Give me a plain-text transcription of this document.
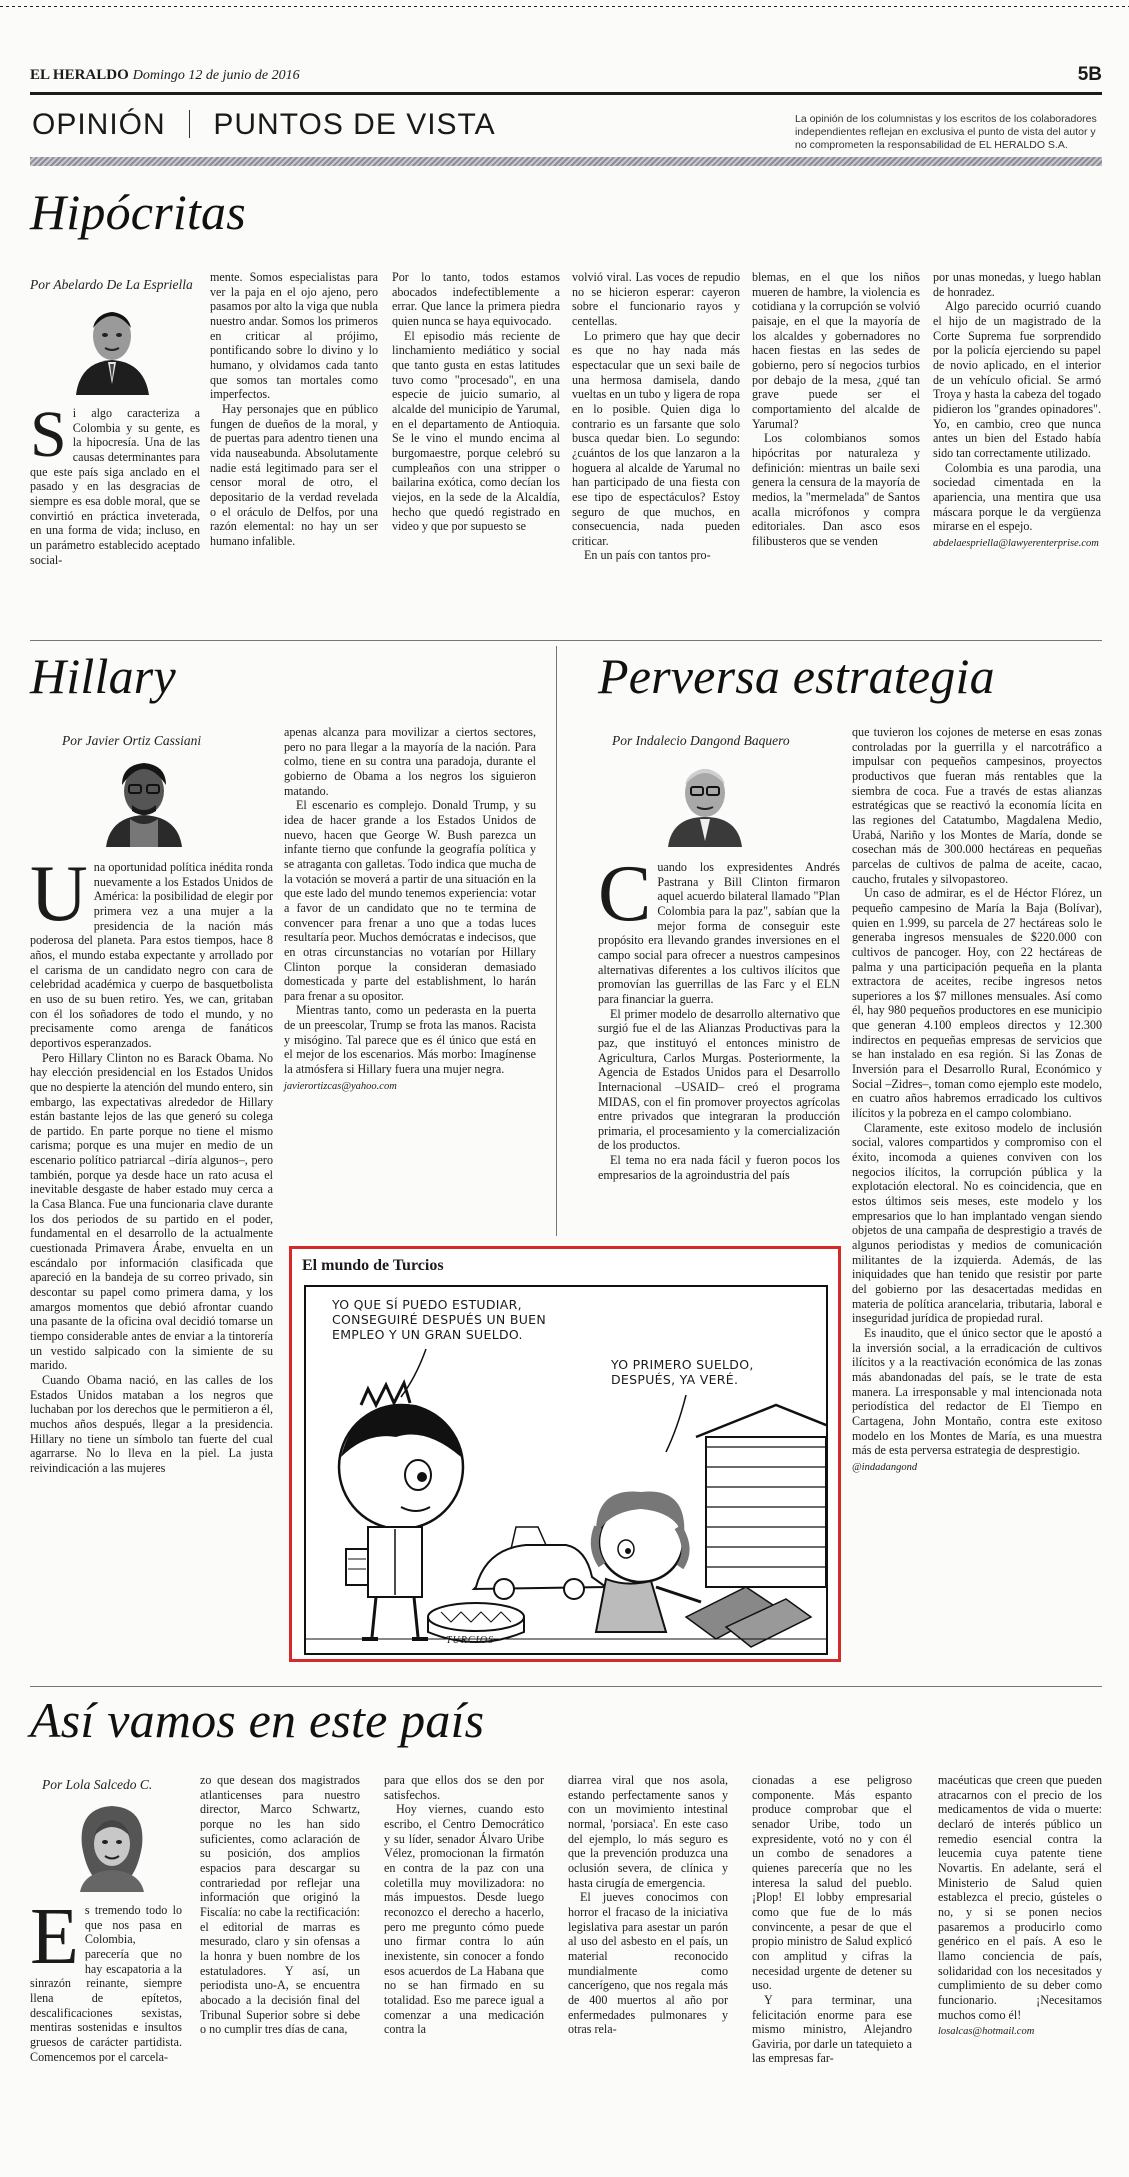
EL HERALDO Domingo 12 de junio de 2016	5B
OPINIÓN PUNTOS DE VISTA	La opinión de los columnistas y los escritos de los colaboradores independientes reflejan en exclusiva el punto de vista del autor y no comprometen la responsabilidad de EL HERALDO S.A.
Hipócritas
Por Abelardo De La Espriella
Si algo caracteriza a Colombia y su gente, es la hipocresía. Una de las causas determinantes para que este país siga anclado en el pasado y en las desgracias de siempre es esa doble moral, que se convirtió en práctica inveterada, en una forma de vida; incluso, en un parámetro establecido aceptado social-

mente. Somos especialistas para ver la paja en el ojo ajeno, pero pasamos por alto la viga que nubla nuestro andar. Somos los primeros en criticar al prójimo, pontificando sobre lo divino y lo humano, y olvidamos cada tanto que somos tan mortales como imperfectos.

Hay personajes que en público fungen de dueños de la moral, y de puertas para adentro tienen una vida nauseabunda. Absolutamente nadie está legitimado para ser el censor moral de otro, el depositario de la verdad revelada o el oráculo de Delfos, por una razón elemental: no hay un ser humano infalible.

Por lo tanto, todos estamos abocados indefectiblemente a errar. Que lance la primera piedra quien nunca se haya equivocado.

El episodio más reciente de linchamiento mediático y social que tanto gusta en estas latitudes tuvo como "procesado", en una especie de juicio sumario, al alcalde del municipio de Yarumal, en el departamento de Antioquia. Se le vino el mundo encima al burgomaestre, porque celebró su cumpleaños con una stripper o bailarina exótica, como decían los viejos, en la sede de la Alcaldía, hecho que quedó registrado en video y que por supuesto se

volvió viral. Las voces de repudio no se hicieron esperar: cayeron sobre el funcionario rayos y centellas.

Lo primero que hay que decir es que no hay nada más espectacular que un sexi baile de una hermosa damisela, dando vueltas en un tubo y ligera de ropa en lo posible. Quien diga lo contrario es un farsante que solo busca quedar bien. Lo segundo: ¿cuántos de los que lanzaron a la hoguera al alcalde de Yarumal no han participado de una fiesta con ese tipo de espectáculos? Estoy seguro de que muchos, en consecuencia, nada pueden criticar.

En un país con tantos pro-

blemas, en el que los niños mueren de hambre, la violencia es cotidiana y la corrupción se volvió paisaje, en el que la mayoría de los alcaldes y gobernadores no hacen fiestas en las sedes de gobierno, pero sí negocios turbios por debajo de la mesa, ¿qué tan grave puede ser el comportamiento del alcalde de Yarumal?

Los colombianos somos hipócritas por naturaleza y definición: mientras un baile sexi genera la censura de la mayoría de medios, la "mermelada" de Santos acalla micrófonos y compra editoriales. Dan asco esos filibusteros que se venden

por unas monedas, y luego hablan de honradez.

Algo parecido ocurrió cuando el hijo de un magistrado de la Corte Suprema fue sorprendido por la policía ejerciendo su papel de novio aplicado, en el interior de un vehículo oficial. Se armó Troya y hasta la cabeza del togado pidieron los "grandes opinadores". Yo, en cambio, creo que nunca antes un bien del Estado había sido tan correctamente utilizado.

Colombia es una parodia, una sociedad cimentada en la apariencia, una mentira que usa máscara porque le da vergüenza mirarse en el espejo.

abdelaespriella@lawyerenterprise.com
Hillary
Por Javier Ortiz Cassiani
U na oportunidad política inédita ronda nuevamente a los Estados Unidos de América: la posibilidad de elegir por primera vez a una mujer a la presidencia de la nación más poderosa del planeta. Para estos tiempos, hace 8 años, el mundo estaba expectante y arrollado por el carisma de un candidato negro con cara de celebridad académica y cuerpo de basquetbolista en uso de su buen retiro. Yes, we can, gritaban con él los soñadores de todo el mundo, y no precisamente como arenga de fanáticos deportivos esperanzados.

Pero Hillary Clinton no es Barack Obama. No hay elección presidencial en los Estados Unidos que no despierte la atención del mundo entero, sin embargo, las expectativas alrededor de Hillary están bastante lejos de las que generó su colega de partido. En parte porque no tiene el mismo carisma; porque es una mujer en medio de un escenario político patriarcal –diría algunos–, pero también, porque ya desde hace un rato acusa el inevitable desgaste de haber estado muy cerca a la Casa Blanca. Fue una funcionaria clave durante los dos periodos de su partido en el poder, fundamental en el desarrollo de la actualmente cuestionada Primavera Árabe, envuelta en un escándalo por información clasificada que apareció en la bandeja de su correo privado, sin descontar su papel como primera dama, y los amargos momentos que debió afrontar cuando una pasante de la oficina oval decidió tomarse un tiempo considerable antes de enviar a la tintorería un vestido salpicado con la simiente de su marido.

Cuando Obama nació, en las calles de los Estados Unidos mataban a los negros que luchaban por los derechos que le permitieron a él, muchos años después, llegar a la presidencia. Hillary no tiene un símbolo tan fuerte del cual agarrarse. No lo lleva en la piel. La justa reivindicación a las mujeres

apenas alcanza para movilizar a ciertos sectores, pero no para llegar a la mayoría de la nación. Para colmo, tiene en su contra una paradoja, durante el gobierno de Obama a los negros los siguieron matando.

El escenario es complejo. Donald Trump, y su idea de hacer grande a los Estados Unidos de nuevo, hacen que George W. Bush parezca un infante tierno que confunde la geografía política y se atraganta con galletas. Todo indica que mucha de la votación se moverá a partir de una situación en la que este lado del mundo tenemos experiencia: votar a favor de un candidato que no te termina de convencer para frenar a uno que a todas luces resultaría peor. Muchos demócratas e indecisos, que en otras circunstancias no votarían por Hillary Clinton porque la consideran demasiado domesticada y parte del establishment, lo harán para frenar a su opositor.

Mientras tanto, como un pederasta en la puerta de un preescolar, Trump se frota las manos. Racista y misógino. Tal parece que es él único que está en el mejor de los escenarios. Más morbo: Imagínense la atmósfera si Hillary fuera una mujer negra.

javierortizcas@yahoo.com
Perversa estrategia
Por Indalecio Dangond Baquero
C uando los expresidentes Andrés Pastrana y Bill Clinton firmaron aquel acuerdo bilateral llamado "Plan Colombia para la paz", sabían que la mejor forma de conseguir este propósito era llevando grandes inversiones en el campo social para ofrecer a nuestros campesinos alternativas diferentes a los cultivos ilícitos que promovían las guerrillas de las Farc y el ELN para financiar la guerra.

El primer modelo de desarrollo alternativo que surgió fue el de las Alianzas Productivas para la paz, que instituyó el entonces ministro de Agricultura, Carlos Murgas. Posteriormente, la Agencia de Estados Unidos para el Desarrollo Internacional –USAID– creó el programa MIDAS, con el fin promover proyectos agrícolas entre privados que integraran la producción primaria, el procesamiento y la comercialización de los productos.

El tema no era nada fácil y fueron pocos los empresarios de la agroindustria del país

que tuvieron los cojones de meterse en esas zonas controladas por la guerrilla y el narcotráfico a impulsar con pequeños campesinos, proyectos productivos que fueran más rentables que la siembra de coca. Fue a través de estas alianzas estratégicas que se reactivó la economía lícita en las regiones del Catatumbo, Magdalena Medio, Urabá, Nariño y los Montes de María, donde se cosechan más de 300.000 hectáreas en pequeñas parcelas de cultivos de palma de aceite, cacao, caucho, frutales y silvopastoreo.

Un caso de admirar, es el de Héctor Flórez, un pequeño campesino de María la Baja (Bolívar), quien en 1.999, su parcela de 27 hectáreas solo le generaba ingresos mensuales de $220.000 con cultivos de pancoger. Hoy, con 22 hectáreas de palma y una participación pequeña en la planta extractora de aceites, recibe ingresos netos superiores a los $7 millones mensuales. Así como él, hay 980 pequeños productores en ese municipio que generan 4.100 empleos directos y 12.300 indirectos en pequeñas empresas de servicios que se han instalado en esa región. Si las Zonas de Inversión para el Desarrollo Rural, Económico y Social –Zidres–, toman como ejemplo este modelo, en cuatro años habremos erradicado los cultivos ilícitos y la pobreza en el campo colombiano.

Claramente, este exitoso modelo de inclusión social, valores compartidos y compromiso con el éxito, incomoda a quienes conviven con los negocios ilícitos, la corrupción pública y la explotación electoral. No es coincidencia, que en estos últimos seis meses, este modelo y los empresarios que lo han implantado vengan siendo objetos de una campaña de desprestigio a través de algunos periodistas y medios de comunicación militantes de la izquierda. Además, de las iniquidades que han tenido que resistir por parte del gobierno por las desacertadas medidas en materia de política arancelaria, tributaria, laboral e inseguridad jurídica de propiedad rural.

Es inaudito, que el único sector que le apostó a la inversión social, a la erradicación de cultivos ilícitos y a la reactivación económica de las zonas más abandonadas del país, se le trate de esta manera. La irresponsable y mal intencionada nota periodística del redactor de El Tiempo en Cartagena, John Montaño, contra este exitoso modelo en los Montes de María, es una muestra más de esta perversa estrategia de desprestigio.

@indadangond
El mundo de Turcios
YO QUE SÍ PUEDO ESTUDIAR, CONSEGUIRÉ DESPUÉS UN BUEN EMPLEO Y UN GRAN SUELDO.
YO PRIMERO SUELDO, DESPUÉS, YA VERÉ.
TURCIOS
Así vamos en este país
Por Lola Salcedo C.
Es tremendo todo lo que nos pasa en Colombia, parecería que no hay escapatoria a la sinrazón reinante, siempre llena de epítetos, descalificaciones sexistas, mentiras sostenidas e insultos gruesos de carácter partidista. Comencemos por el carcela-

zo que desean dos magistrados atlanticenses para nuestro director, Marco Schwartz, porque no les han sido suficientes, como aclaración de su posición, dos amplios espacios para descargar su contrariedad por reflejar una información que originó la Fiscalía: no cabe la rectificación: el editorial de marras es mesurado, claro y sin ofensas a la honra y buen nombre de los estatuladores. Y así, un periodista uno-A, se encuentra abocado a la decisión final del Tribunal Superior sobre si debe o no cumplir tres días de cana,

para que ellos dos se den por satisfechos.

Hoy viernes, cuando esto escribo, el Centro Democrático y su líder, senador Álvaro Uribe Vélez, promocionan la firmatón en contra de la paz con una coletilla muy movilizadora: no más impuestos. Desde luego reconozco el derecho a hacerlo, pero me pregunto cómo puede uno firmar contra lo aún inexistente, sin conocer a fondo esos acuerdos de La Habana que no se han firmado en su totalidad. Eso me parece igual a comenzar a una medicación contra la

diarrea viral que nos asola, estando perfectamente sanos y con un movimiento intestinal normal, 'porsiaca'. En este caso del ejemplo, lo más seguro es que la prevención produzca una oclusión severa, de clínica y hasta cirugía de emergencia.

El jueves conocimos con horror el fracaso de la iniciativa legislativa para asestar un parón al uso del asbesto en el país, un material reconocido mundialmente como cancerígeno, que nos regala más de 400 muertos al año por enfermedades pulmonares y otras rela-

cionadas a ese peligroso componente. Más espanto produce comprobar que el senador Uribe, todo un expresidente, votó no y con él un combo de senadores a quienes parecería que no les interesa la salud del pueblo. ¡Plop! El lobby empresarial como que fue de lo más convincente, a pesar de que el propio ministro de Salud explicó con amplitud y cifras la necesidad urgente de detener su uso.

Y para terminar, una felicitación enorme para ese mismo ministro, Alejandro Gaviria, por darle un tatequieto a las empresas far-

macéuticas que creen que pueden atracarnos con el precio de los medicamentos de vida o muerte: declaró de interés público un remedio esencial contra la leucemia cuya patente tiene Novartis. En adelante, será el Ministerio de Salud quien establezca el precio, gústeles o no, y si se ponen necios pasaremos a producirlo como genérico en el país. A eso le llamo conciencia de país, solidaridad con los necesitados y cumplimiento de su deber como funcionario. ¡Necesitamos muchos como él!

losalcas@hotmail.com
